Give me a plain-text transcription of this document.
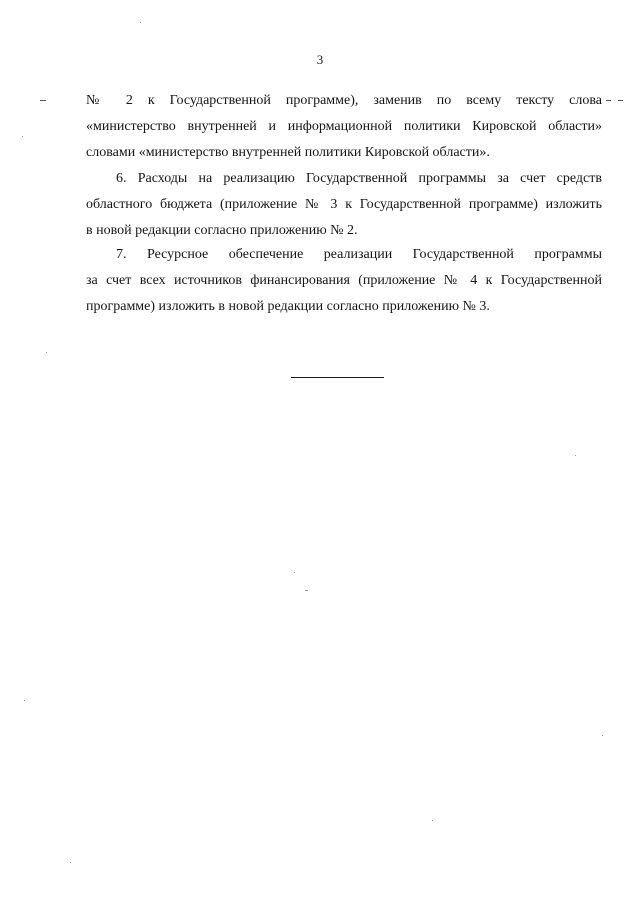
3
№ 2 к Государственной программе), заменив по всему тексту слова
«министерство внутренней и информационной политики Кировской области»
словами «министерство внутренней политики Кировской области».
6. Расходы на реализацию Государственной программы за счет средств
областного бюджета (приложение № 3 к Государственной программе) изложить
в новой редакции согласно приложению № 2.
7. Ресурсное обеспечение реализации Государственной программы
за счет всех источников финансирования (приложение № 4 к Государственной
программе) изложить в новой редакции согласно приложению № 3.
